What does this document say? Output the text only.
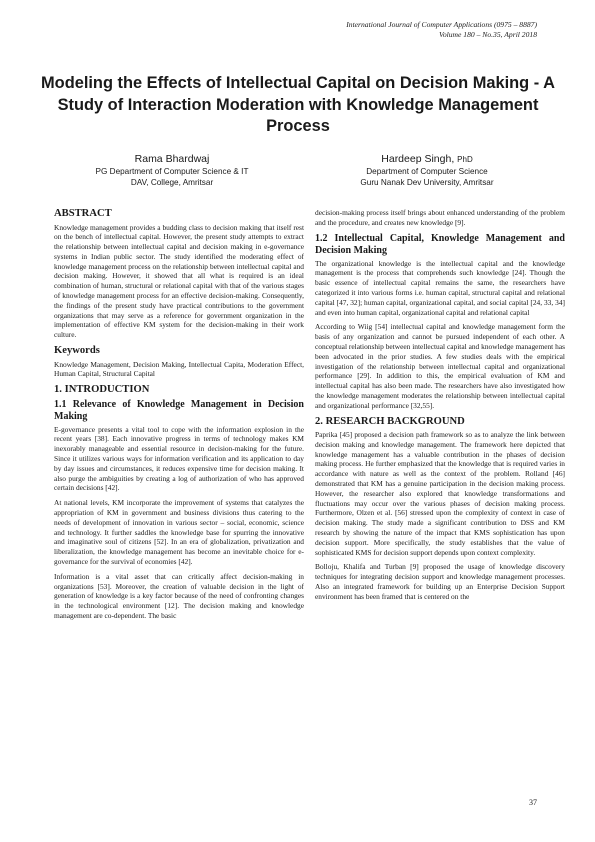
International Journal of Computer Applications (0975 – 8887)
Volume 180 – No.35, April 2018
Modeling the Effects of Intellectual Capital on Decision Making - A Study of Interaction Moderation with Knowledge Management Process
Rama Bhardwaj
PG Department of Computer Science & IT
DAV, College, Amritsar
Hardeep Singh, PhD
Department of Computer Science
Guru Nanak Dev University, Amritsar
ABSTRACT

Knowledge management provides a budding class to decision making that itself rest on the bench of intellectual capital. However, the present study attempts to extract the relationship between intellectual capital and decision making in e-governance systems in Indian public sector. The study identified the moderating effect of knowledge management process on the relationship between intellectual capital and decision making. However, it showed that all what is required is an ideal combination of human, structural or relational capital with that of the various stages of knowledge management process for an effective decision-making. Consequently, the findings of the present study have practical contributions to the government organizations that may serve as a reference for government organization in the implementation of effective KM system for the decision-making in their work culture.

Keywords

Knowledge Management, Decision Making, Intellectual Capita, Moderation Effect, Human Capital, Structural Capital

1. INTRODUCTION
1.1 Relevance of Knowledge Management in Decision Making

E-governance presents a vital tool to cope with the information explosion in the recent years [38]. Each innovative progress in terms of technology makes KM inexorably manageable and essential resource in decision-making for the future. Since it utilizes various ways for information verification and its application to day by day issues and circumstances, it reduces expensive time for decision making. It also purge the ambiguities by creating a log of authorization of who has approved certain decisions [42].

At national levels, KM incorporate the improvement of systems that catalyzes the appropriation of KM in government and business divisions thus catering to the needs of development of innovation in various sector – social, economic, science and technology. It further saddles the knowledge base for spurring the innovative and imaginative soul of citizens [52]. In an era of globalization, privatization and liberalization, the knowledge management has become an inevitable choice for e-governance for the survival of economies [42].

Information is a vital asset that can critically affect decision-making in organizations [53]. Moreover, the creation of valuable decision in the light of generation of knowledge is a key factor because of the need of confronting changes in the technological environment [12]. The decision making and knowledge management are co-dependent. The basic

decision-making process itself brings about enhanced understanding of the problem and the procedure, and creates new knowledge [9].

1.2 Intellectual Capital, Knowledge Management and Decision Making

The organizational knowledge is the intellectual capital and the knowledge management is the process that comprehends such knowledge [24]. Though the basic essence of intellectual capital remains the same, the researchers have categorized it into various forms i.e. human capital, structural capital and relational capital [47, 32]; human capital, organizational capital, and social capital [24, 33, 34] and even into human capital, organizational capital and relational capital

According to Wiig [54] intellectual capital and knowledge management form the basis of any organization and cannot be pursued independent of each other. A conceptual relationship between intellectual capital and knowledge management has been advocated in the prior studies. A few studies deals with the empirical investigation of the relationship between intellectual capital and organizational performance [29]. In addition to this, the empirical evaluation of KM and intellectual capital has also been made. The researchers have also investigated how the knowledge management moderates the relationship between intellectual capital and organizational performance [32,55].

2. RESEARCH BACKGROUND

Paprika [45] proposed a decision path framework so as to analyze the link between decision making and knowledge management. The framework here depicted that knowledge management has a valuable contribution in the phases of decision making process. He further emphasized that the knowledge that is required varies in accordance with nature as well as the context of the problem. Rolland [46] demonstrated that KM has a genuine participation in the decision making process. However, the researcher also explored that knowledge transformations and fluctuations may occur over the various phases of decision making process. Furthermore, Olzen et al. [56] stressed upon the complexity of context in case of decision making. The study made a significant contribution to DSS and KM research by showing the nature of the impact that KMS sophistication has upon decision support. More specifically, the study establishes that the value of sophisticated KMS for decision support depends upon context complexity.

Bolloju, Khalifa and Turban [9] proposed the usage of knowledge discovery techniques for integrating decision support and knowledge management processes. Also an integrated framework for building up an Enterprise Decision Support environment has been framed that is centered on the

37
